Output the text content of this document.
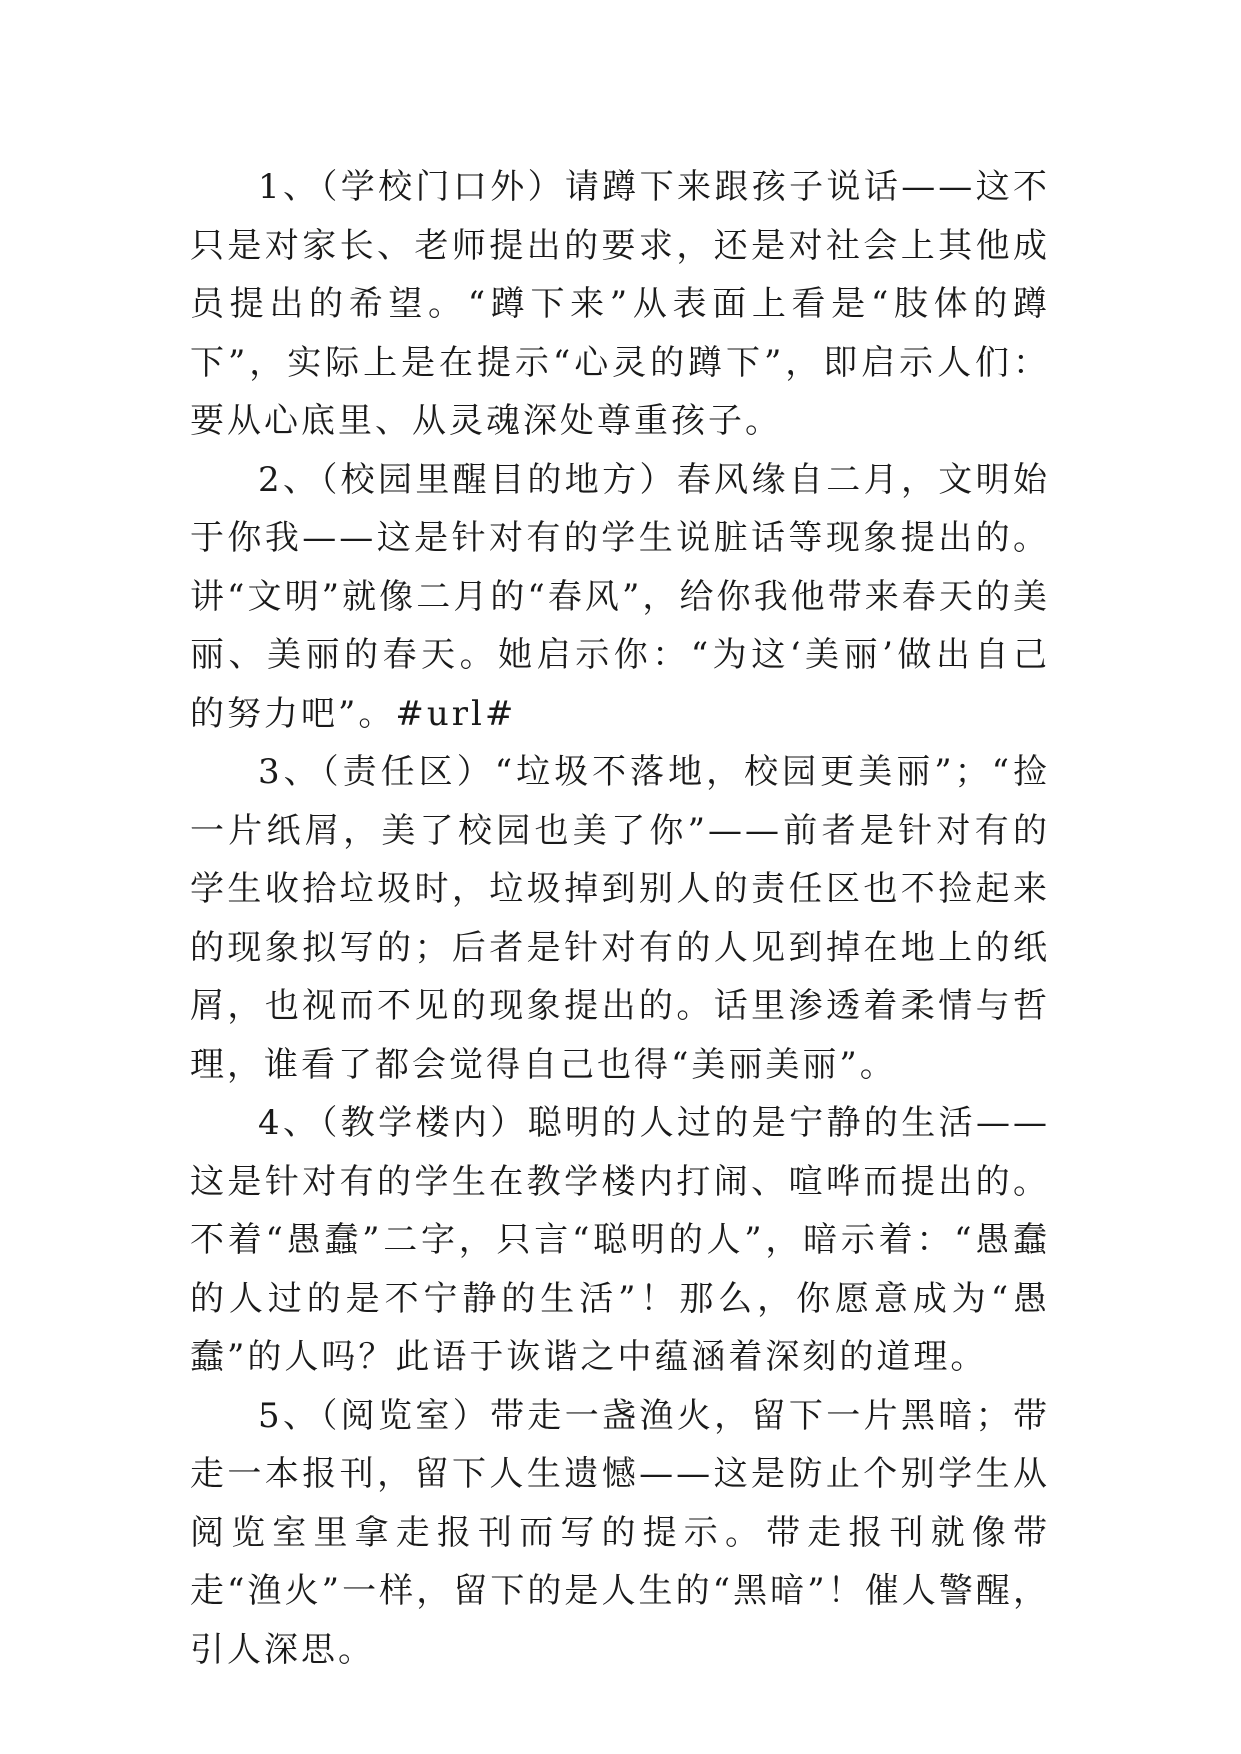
1、（学校门口外）请蹲下来跟孩子说话——这不只是对家长、老师提出的要求，还是对社会上其他成员提出的希望。“蹲下来”从表面上看是“肢体的蹲下”，实际上是在提示“心灵的蹲下”，即启示人们：要从心底里、从灵魂深处尊重孩子。

2、（校园里醒目的地方）春风缘自二月，文明始于你我——这是针对有的学生说脏话等现象提出的。讲“文明”就像二月的“春风”，给你我他带来春天的美丽、美丽的春天。她启示你：“为这‘美丽’做出自己的努力吧”。#url#

3、（责任区）“垃圾不落地，校园更美丽”；“捡一片纸屑，美了校园也美了你”——前者是针对有的学生收拾垃圾时，垃圾掉到别人的责任区也不捡起来的现象拟写的；后者是针对有的人见到掉在地上的纸屑，也视而不见的现象提出的。话里渗透着柔情与哲理，谁看了都会觉得自己也得“美丽美丽”。

4、（教学楼内）聪明的人过的是宁静的生活——这是针对有的学生在教学楼内打闹、喧哗而提出的。不着“愚蠢”二字，只言“聪明的人”，暗示着：“愚蠢的人过的是不宁静的生活”！那么，你愿意成为“愚蠢”的人吗？此语于诙谐之中蕴涵着深刻的道理。

5、（阅览室）带走一盏渔火，留下一片黑暗；带走一本报刊，留下人生遗憾——这是防止个别学生从阅览室里拿走报刊而写的提示。带走报刊就像带走“渔火”一样，留下的是人生的“黑暗”！催人警醒，引人深思。
